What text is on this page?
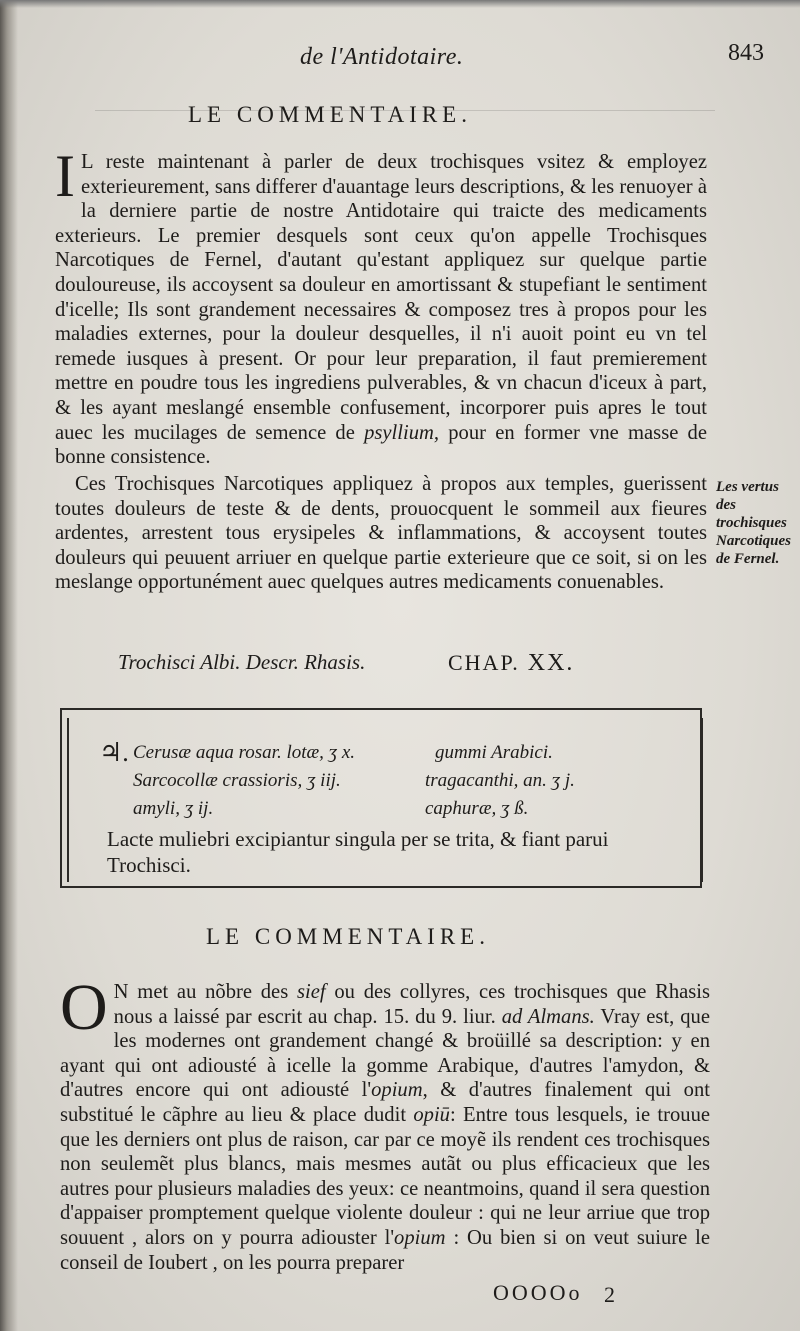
de l'Antidotaire.	843
LE COMMENTAIRE.
I L reste maintenant à parler de deux trochisques vsitez & employez exterieurement, sans differer d'auantage leurs descriptions, & les renuoyer à la derniere partie de nostre Antidotaire qui traicte des medicaments exterieurs. Le premier desquels sont ceux qu'on appelle Trochisques Narcotiques de Fernel, d'autant qu'estant appliquez sur quelque partie douloureuse, ils accoysent sa douleur en amortissant & stupefiant le sentiment d'icelle; Ils sont grandement necessaires & composez tres à propos pour les maladies externes, pour la douleur desquelles, il n'i auoit point eu vn tel remede iusques à present. Or pour leur preparation, il faut premierement mettre en poudre tous les ingrediens pulverables, & vn chacun d'iceux à part, & les ayant meslangé ensemble confusement, incorporer puis apres le tout auec les mucilages de semence de psyllium, pour en former vne masse de bonne consistence.
Ces Trochisques Narcotiques appliquez à propos aux temples, guerissent toutes douleurs de teste & de dents, prouocquent le sommeil aux fieures ardentes, arrestent tous erysipeles & inflammations, & accoysent toutes douleurs qui peuuent arriuer en quelque partie exterieure que ce soit, si on les meslange opportunément auec quelques autres medicaments conuenables.
Les vertus des trochisques Narcotiques de Fernel.
Trochisci Albi. Descr. Rhasis.	CHAP. XX.
♃. Cerusæ aqua rosar. lotæ, ʒ x.
Sarcocollæ crassioris, ʒ iij.
amyli, ʒ ij.
gummi Arabici.
tragacanthi, an. ʒ j.
caphuræ, ʒ ß.
Lacte muliebri excipiantur singula per se trita, & fiant parui Trochisci.
LE COMMENTAIRE.
O N met au nõbre des sief ou des collyres, ces trochisques que Rhasis nous a laissé par escrit au chap. 15. du 9. liur. ad Almans. Vray est, que les modernes ont grandement changé & broüillé sa description: y en ayant qui ont adiousté à icelle la gomme Arabique, d'autres l'amydon, & d'autres encore qui ont adiousté l'opium, & d'autres finalement qui ont substitué le cãphre au lieu & place dudit opiū: Entre tous lesquels, ie trouue que les derniers ont plus de raison, car par ce moyẽ ils rendent ces trochisques non seulemẽt plus blancs, mais mesmes autãt ou plus efficacieux que les autres pour plusieurs maladies des yeux: ce neantmoins, quand il sera question d'appaiser promptement quelque violente douleur : qui ne leur arriue que trop souuent , alors on y pourra adiouster l'opium : Ou bien si on veut suiure le conseil de Ioubert , on les pourra preparer
OOOOo 2
